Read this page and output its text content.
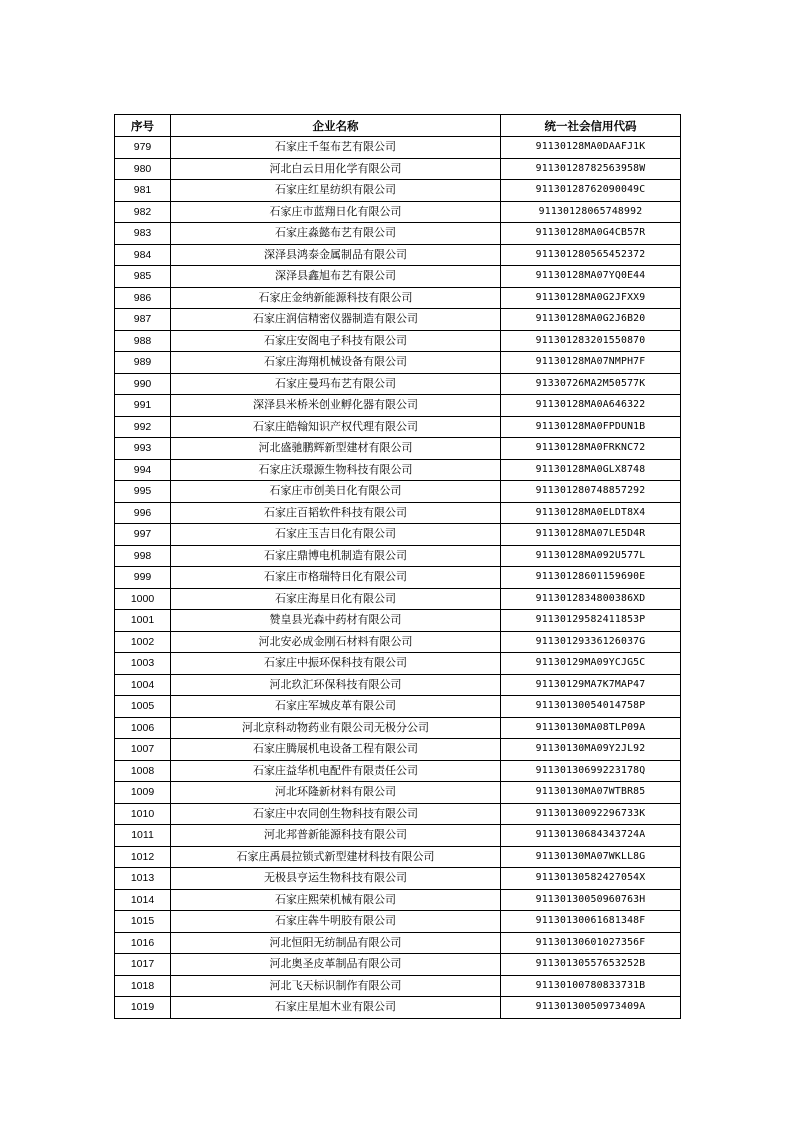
序号	企业名称	统一社会信用代码
979	石家庄千玺布艺有限公司	91130128MA0DAAFJ1K
980	河北白云日用化学有限公司	91130128782563958W
981	石家庄红星纺织有限公司	91130128762090049C
982	石家庄市蓝翔日化有限公司	91130128065748992
983	石家庄淼懿布艺有限公司	91130128MA0G4CB57R
984	深泽县鸿泰金属制品有限公司	911301280565452372
985	深泽县鑫旭布艺有限公司	91130128MA07YQ0E44
986	石家庄金纳新能源科技有限公司	91130128MA0G2JFXX9
987	石家庄润信精密仪器制造有限公司	91130128MA0G2J6B20
988	石家庄安阁电子科技有限公司	911301283201550870
989	石家庄海翔机械设备有限公司	91130128MA07NMPH7F
990	石家庄曼玛布艺有限公司	91330726MA2M50577K
991	深泽县米桥米创业孵化器有限公司	91130128MA0A646322
992	石家庄皓翰知识产权代理有限公司	91130128MA0FPDUN1B
993	河北盛驰鹏辉新型建材有限公司	91130128MA0FRKNC72
994	石家庄沃璟源生物科技有限公司	91130128MA0GLX8748
995	石家庄市创美日化有限公司	911301280748857292
996	石家庄百韬软件科技有限公司	91130128MA0ELDT8X4
997	石家庄玉吉日化有限公司	91130128MA07LE5D4R
998	石家庄鼎博电机制造有限公司	91130128MA092U577L
999	石家庄市格瑞特日化有限公司	91130128601159690E
1000	石家庄海星日化有限公司	9113012834800386XD
1001	赞皇县光森中药材有限公司	91130129582411853P
1002	河北安必成金刚石材料有限公司	91130129336126037G
1003	石家庄中振环保科技有限公司	91130129MA09YCJG5C
1004	河北玖汇环保科技有限公司	91130129MA7K7MAP47
1005	石家庄军城皮革有限公司	91130130054014758P
1006	河北京科动物药业有限公司无极分公司	91130130MA08TLP09A
1007	石家庄腾展机电设备工程有限公司	91130130MA09Y2JL92
1008	石家庄益华机电配件有限责任公司	91130130699223178Q
1009	河北环隆新材料有限公司	91130130MA07WTBR85
1010	石家庄中农同创生物科技有限公司	91130130092296733K
1011	河北邦普新能源科技有限公司	91130130684343724A
1012	石家庄禹晨拉锁式新型建材科技有限公司	91130130MA07WKLL8G
1013	无极县亨运生物科技有限公司	91130130582427054X
1014	石家庄熙荣机械有限公司	91130130050960763H
1015	石家庄犇牛明胶有限公司	91130130061681348F
1016	河北恒阳无纺制品有限公司	91130130601027356F
1017	河北奥圣皮革制品有限公司	91130130557653252B
1018	河北飞天标识制作有限公司	91130100780833731B
1019	石家庄星旭木业有限公司	91130130050973409A
